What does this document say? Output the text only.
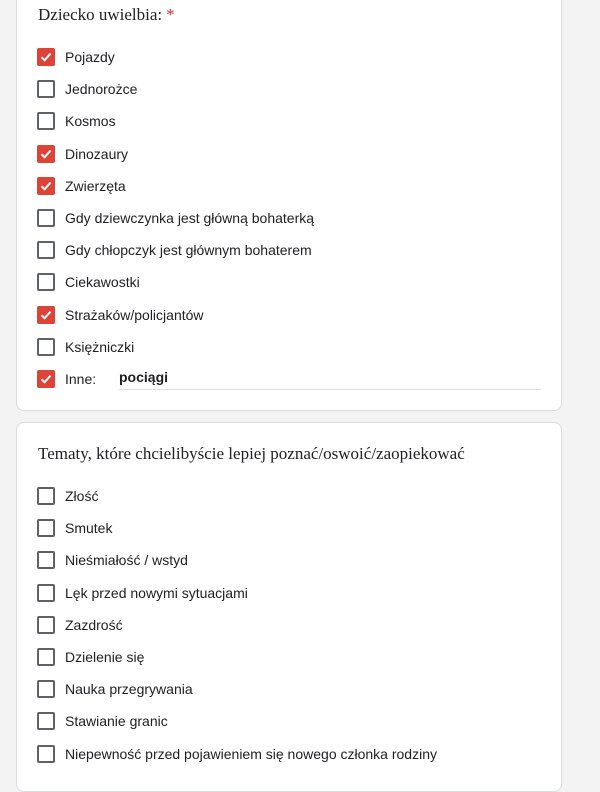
Dziecko uwielbia: *
Pojazdy
Jednorożce
Kosmos
Dinozaury
Zwierzęta
Gdy dziewczynka jest główną bohaterką
Gdy chłopczyk jest głównym bohaterem
Ciekawostki
Strażaków/policjantów
Księżniczki
Inne:	pociągi
Tematy, które chcielibyście lepiej poznać/oswoić/zaopiekować
Złość
Smutek
Nieśmiałość / wstyd
Lęk przed nowymi sytuacjami
Zazdrość
Dzielenie się
Nauka przegrywania
Stawianie granic
Niepewność przed pojawieniem się nowego członka rodziny
